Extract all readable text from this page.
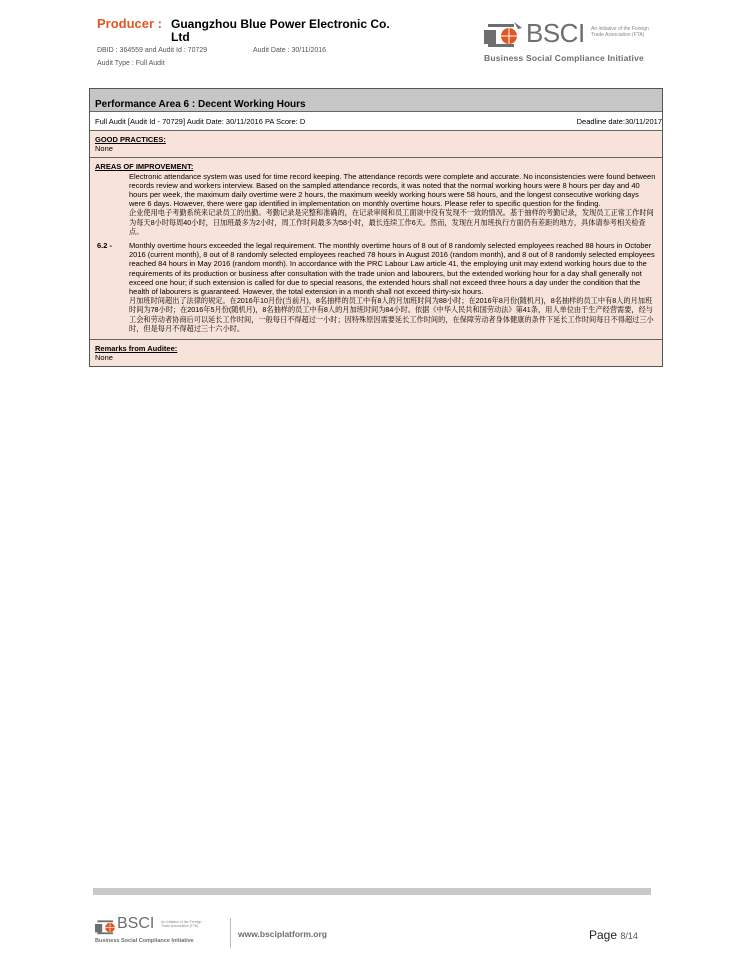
Producer : Guangzhou Blue Power Electronic Co. Ltd
DBID : 364559 and Audit Id : 70729	Audit Date : 30/11/2016
Audit Type : Full Audit
BSCI An initiative of the Foreign Trade Association (FTA)
Business Social Compliance Initiative
$_{Performance Area 6 : Decent Working Hours}$
Full Audit [Audit Id - 70729] Audit Date: 30/11/2016 PA Score: D	Deadline date:30/11/2017
GOOD PRACTICES:
None
AREAS OF IMPROVEMENT:
Electronic attendance system was used for time record keeping. The attendance records were complete and accurate. No inconsistencies were found between records review and workers interview. Based on the sampled attendance records, it was noted that the normal working hours were 8 hours per day and 40 hours per week, the maximum daily overtime were 2 hours, the maximum weekly working hours were 58 hours, and the longest consecutive working days were 6 days. However, there were gap identified in implementation on monthly overtime hours. Please refer to specific question for the finding.
企业使用电子考勤系统来记录员工的出勤。考勤记录是完整和准确的，在记录审阅和员工面谈中没有发现不一致的情况。基于抽样的考勤记录，发现员工正常工作时间为每天8小时每周40小时，日加班最多为2小时，周工作时间最多为58小时，最长连续工作6天。然而，发现在月加班执行方面仍有差距的地方，具体请参考相关检查点。
6.2 -	Monthly overtime hours exceeded the legal requirement. The monthly overtime hours of 8 out of 8 randomly selected employees reached 88 hours in October 2016 (current month), 8 out of 8 randomly selected employees reached 78 hours in August 2016 (random month), and 8 out of 8 randomly selected employees reached 84 hours in May 2016 (random month). In accordance with the PRC Labour Law article 41, the employing unit may extend working hours due to the requirements of its production or business after consultation with the trade union and labourers, but the extended working hour for a day shall generally not exceed one hour; if such extension is called for due to special reasons, the extended hours shall not exceed three hours a day under the condition that the health of labourers is guaranteed. However, the total extension in a month shall not exceed thirty-six hours.
月加班时间超出了法律的规定。在2016年10月份(当前月)，8名抽样的员工中有8人的月加班时间为88小时；在2016年8月份(随机月)，8名抽样的员工中有8人的月加班时间为78小时；在2016年5月份(随机月)，8名抽样的员工中有8人的月加班时间为84小时。依据《中华人民共和国劳动法》第41条，用人单位由于生产经营需要，经与工会和劳动者协商后可以延长工作时间，一般每日不得超过一小时；因特殊原因需要延长工作时间的，在保障劳动者身体健康的条件下延长工作时间每日不得超过三小时，但是每月不得超过三十六小时。
Remarks from Auditee:
None
BSCI An initiative of the Foreign Trade Association (FTA)
Business Social Compliance Initiative
www.bsciplatform.org	Page 8/14
